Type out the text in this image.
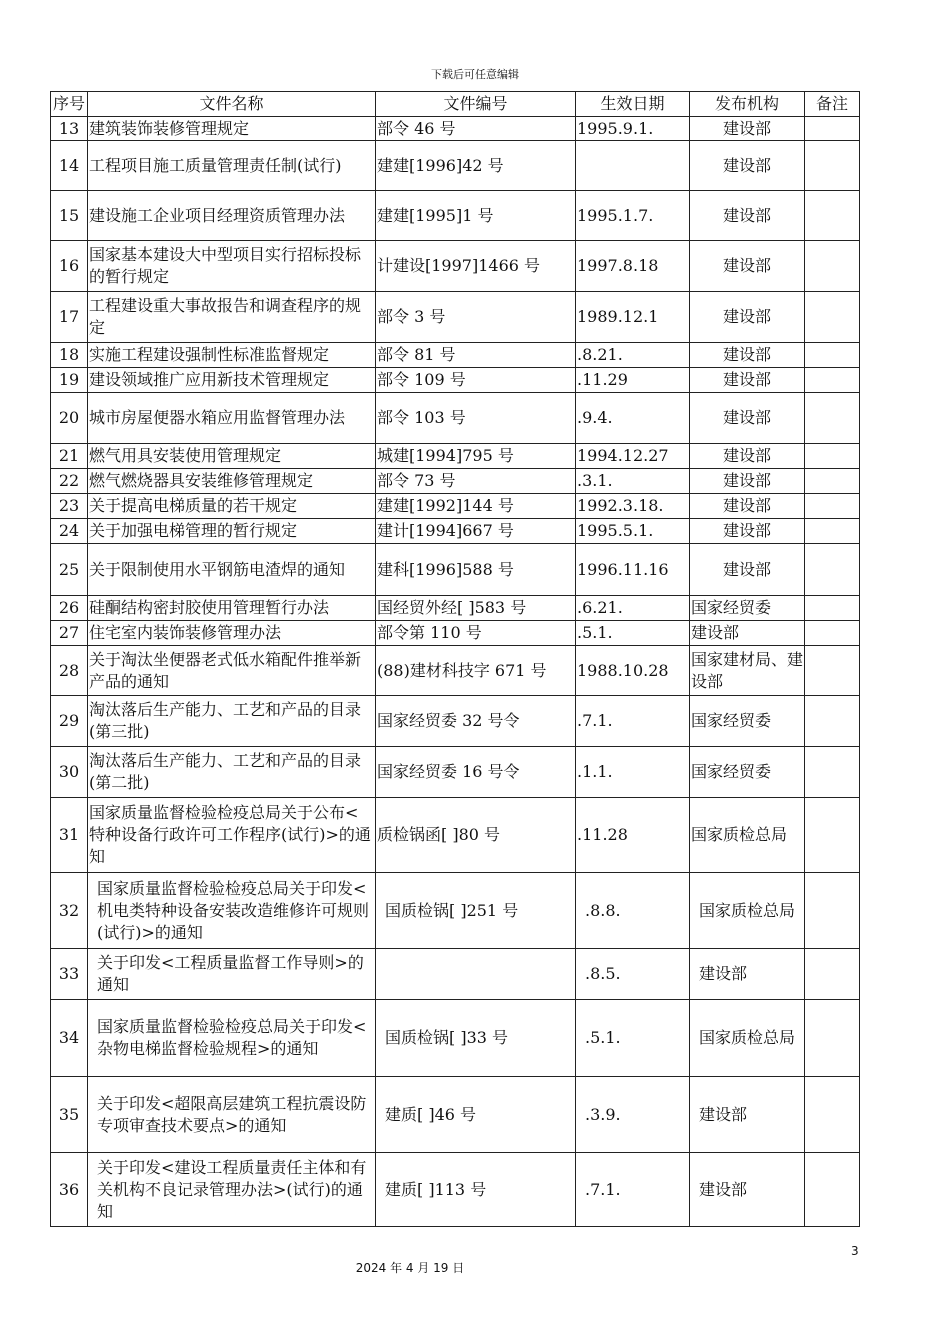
下载后可任意编辑
序号	文件名称	文件编号	生效日期	发布机构	备注
13	建筑装饰装修管理规定	部令 46 号	1995.9.1.	建设部	
14	工程项目施工质量管理责任制(试行)	建建[1996]42 号		建设部	
15	建设施工企业项目经理资质管理办法	建建[1995]1 号	1995.1.7.	建设部	
16	国家基本建设大中型项目实行招标投标的暂行规定	计建设[1997]1466 号	1997.8.18	建设部	
17	工程建设重大事故报告和调查程序的规定	部令 3 号	1989.12.1	建设部	
18	实施工程建设强制性标准监督规定	部令 81 号	.8.21.	建设部	
19	建设领域推广应用新技术管理规定	部令 109 号	.11.29	建设部	
20	城市房屋便器水箱应用监督管理办法	部令 103 号	.9.4.	建设部	
21	燃气用具安装使用管理规定	城建[1994]795 号	1994.12.27	建设部	
22	燃气燃烧器具安装维修管理规定	部令 73 号	.3.1.	建设部	
23	关于提高电梯质量的若干规定	建建[1992]144 号	1992.3.18.	建设部	
24	关于加强电梯管理的暂行规定	建计[1994]667 号	1995.5.1.	建设部	
25	关于限制使用水平钢筋电渣焊的通知	建科[1996]588 号	1996.11.16	建设部	
26	硅酮结构密封胶使用管理暂行办法	国经贸外经[ ]583 号	.6.21.	国家经贸委	
27	住宅室内装饰装修管理办法	部令第 110 号	.5.1.	建设部	
28	关于淘汰坐便器老式低水箱配件推举新产品的通知	(88)建材科技字 671 号	1988.10.28	国家建材局、建设部	
29	淘汰落后生产能力、工艺和产品的目录(第三批)	国家经贸委 32 号令	.7.1.	国家经贸委	
30	淘汰落后生产能力、工艺和产品的目录(第二批)	国家经贸委 16 号令	.1.1.	国家经贸委	
31	国家质量监督检验检疫总局关于公布<特种设备行政许可工作程序(试行)>的通知	质检锅函[ ]80 号	.11.28	国家质检总局	
32	国家质量监督检验检疫总局关于印发<机电类特种设备安装改造维修许可规则(试行)>的通知	国质检锅[ ]251 号	.8.8.	国家质检总局	
33	关于印发<工程质量监督工作导则>的通知		.8.5.	建设部	
34	国家质量监督检验检疫总局关于印发<杂物电梯监督检验规程>的通知	国质检锅[ ]33 号	.5.1.	国家质检总局	
35	关于印发<超限高层建筑工程抗震设防专项审查技术要点>的通知	建质[ ]46 号	.3.9.	建设部	
36	关于印发<建设工程质量责任主体和有关机构不良记录管理办法>(试行)的通知	建质[ ]113 号	.7.1.	建设部	
3
2024 年 4 月 19 日
